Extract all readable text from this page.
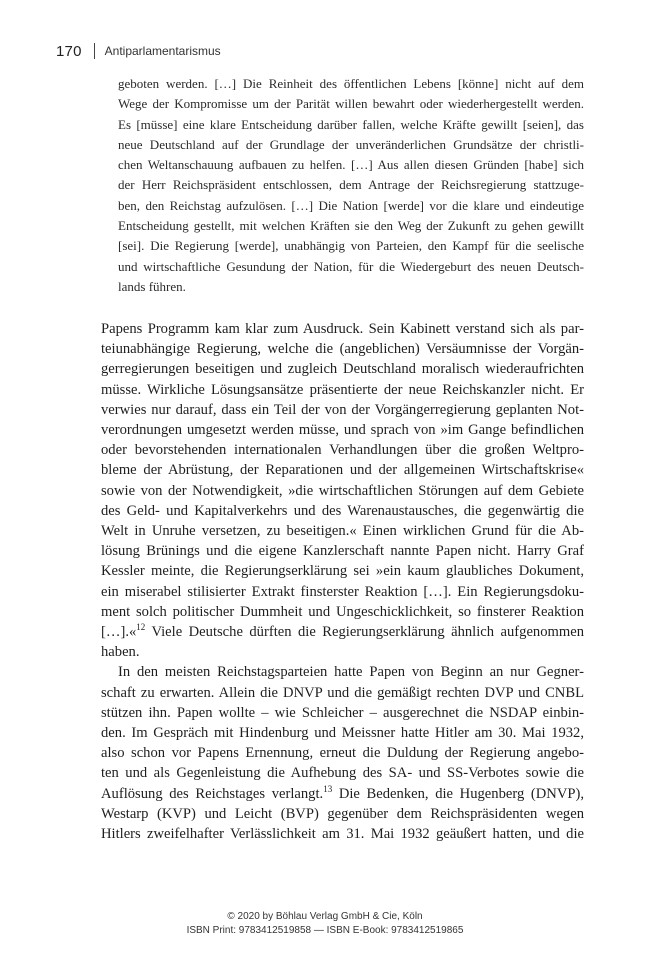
170 Antiparlamentarismus
geboten werden. […] Die Reinheit des öffentlichen Lebens [könne] nicht auf dem
Wege der Kompromisse um der Parität willen bewahrt oder wiederhergestellt werden.
Es [müsse] eine klare Entscheidung darüber fallen, welche Kräfte gewillt [seien], das
neue Deutschland auf der Grundlage der unveränderlichen Grundsätze der christli-
chen Weltanschauung aufbauen zu helfen. […] Aus allen diesen Gründen [habe] sich
der Herr Reichspräsident entschlossen, dem Antrage der Reichsregierung stattzuge-
ben, den Reichstag aufzulösen. […] Die Nation [werde] vor die klare und eindeutige
Entscheidung gestellt, mit welchen Kräften sie den Weg der Zukunft zu gehen gewillt
[sei]. Die Regierung [werde], unabhängig von Parteien, den Kampf für die seelische
und wirtschaftliche Gesundung der Nation, für die Wiedergeburt des neuen Deutsch-
lands führen.
Papens Programm kam klar zum Ausdruck. Sein Kabinett verstand sich als par-
teiunabhängige Regierung, welche die (angeblichen) Versäumnisse der Vorgän-
gerregierungen beseitigen und zugleich Deutschland moralisch wiederaufrichten
müsse. Wirkliche Lösungsansätze präsentierte der neue Reichskanzler nicht. Er
verwies nur darauf, dass ein Teil der von der Vorgängerregierung geplanten Not-
verordnungen umgesetzt werden müsse, und sprach von »im Gange befindlichen
oder bevorstehenden internationalen Verhandlungen über die großen Weltpro-
bleme der Abrüstung, der Reparationen und der allgemeinen Wirtschaftskrise«
sowie von der Notwendigkeit, »die wirtschaftlichen Störungen auf dem Gebiete
des Geld- und Kapitalverkehrs und des Warenaustausches, die gegenwärtig die
Welt in Unruhe versetzen, zu beseitigen.« Einen wirklichen Grund für die Ab-
lösung Brünings und die eigene Kanzlerschaft nannte Papen nicht. Harry Graf
Kessler meinte, die Regierungserklärung sei »ein kaum glaubliches Dokument,
ein miserabel stilisierter Extrakt finsterster Reaktion […]. Ein Regierungsdoku-
ment solch politischer Dummheit und Ungeschicklichkeit, so finsterer Reaktion
[…].«$^{12}$ Viele Deutsche dürften die Regierungserklärung ähnlich aufgenommen
haben.
In den meisten Reichstagsparteien hatte Papen von Beginn an nur Gegner-
schaft zu erwarten. Allein die DNVP und die gemäßigt rechten DVP und CNBL
stützen ihn. Papen wollte – wie Schleicher – ausgerechnet die NSDAP einbin-
den. Im Gespräch mit Hindenburg und Meissner hatte Hitler am 30. Mai 1932,
also schon vor Papens Ernennung, erneut die Duldung der Regierung angebo-
ten und als Gegenleistung die Aufhebung des SA- und SS-Verbotes sowie die
Auflösung des Reichstages verlangt.$^{13}$ Die Bedenken, die Hugenberg (DNVP),
Westarp (KVP) und Leicht (BVP) gegenüber dem Reichspräsidenten wegen
Hitlers zweifelhafter Verlässlichkeit am 31. Mai 1932 geäußert hatten, und die
© 2020 by Böhlau Verlag GmbH & Cie, Köln
ISBN Print: 9783412519858 — ISBN E-Book: 9783412519865
